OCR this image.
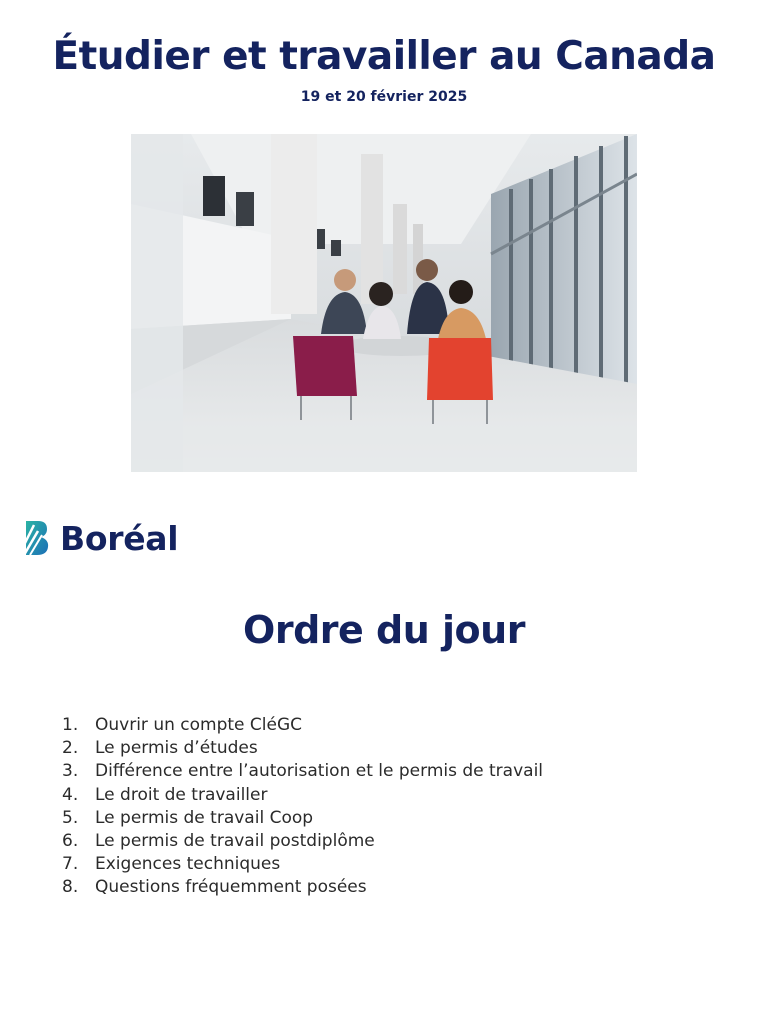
Étudier et travailler au Canada
19 et 20 février 2025
Boréal
Ordre du jour
1. Ouvrir un compte CléGC
2. Le permis d’études
3. Différence entre l’autorisation et le permis de travail
4. Le droit de travailler
5. Le permis de travail Coop
6. Le permis de travail postdiplôme
7. Exigences techniques
8. Questions fréquemment posées
